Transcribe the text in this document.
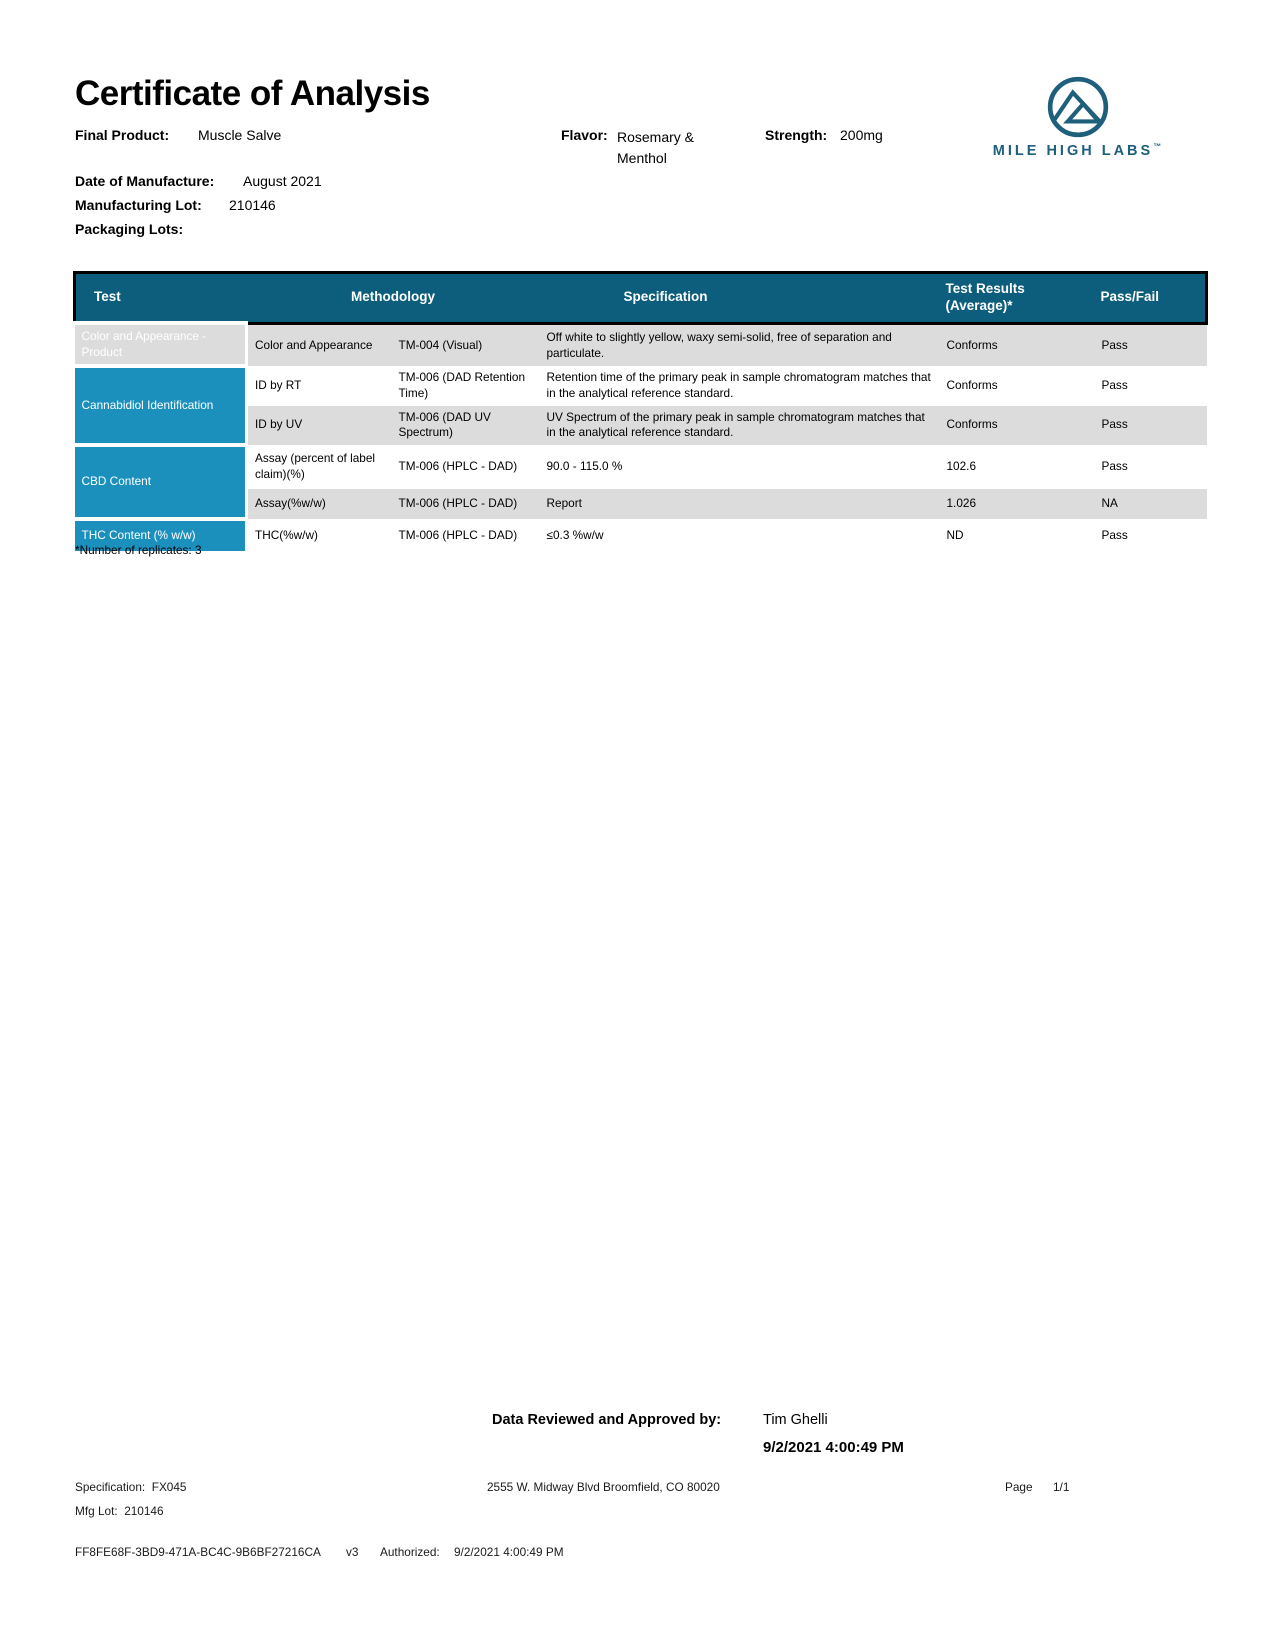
Certificate of Analysis
MILE HIGH LABS™
Final Product: Muscle Salve	Flavor: Rosemary &
Menthol
Strength: 200mg
Date of Manufacture: August 2021
Manufacturing Lot: 210146
Packaging Lots:
Test	Methodology		Specification	Test Results (Average)*	Pass/Fail
Color and Appearance - Product	Color and Appearance	TM-004 (Visual)	Off white to slightly yellow, waxy semi-solid, free of separation and particulate.	Conforms	Pass
Cannabidiol Identification	ID by RT	TM-006 (DAD Retention Time)	Retention time of the primary peak in sample chromatogram matches that in the analytical reference standard.	Conforms	Pass
	ID by UV	TM-006 (DAD UV Spectrum)	UV Spectrum of the primary peak in sample chromatogram matches that in the analytical reference standard.	Conforms	Pass
CBD Content	Assay (percent of label claim)(%)	TM-006 (HPLC - DAD)	90.0 - 115.0 %	102.6	Pass
	Assay(%w/w)	TM-006 (HPLC - DAD)	Report	1.026	NA
THC Content (% w/w)	THC(%w/w)	TM-006 (HPLC - DAD)	≤0.3 %w/w	ND	Pass
*Number of replicates: 3
Data Reviewed and Approved by:	Tim Ghelli
9/2/2021 4:00:49 PM
Specification: FX045	2555 W. Midway Blvd Broomfield, CO 80020	Page 1/1
Mfg Lot: 210146
FF8FE68F-3BD9-471A-BC4C-9B6BF27216CA v3 Authorized: 9/2/2021 4:00:49 PM
